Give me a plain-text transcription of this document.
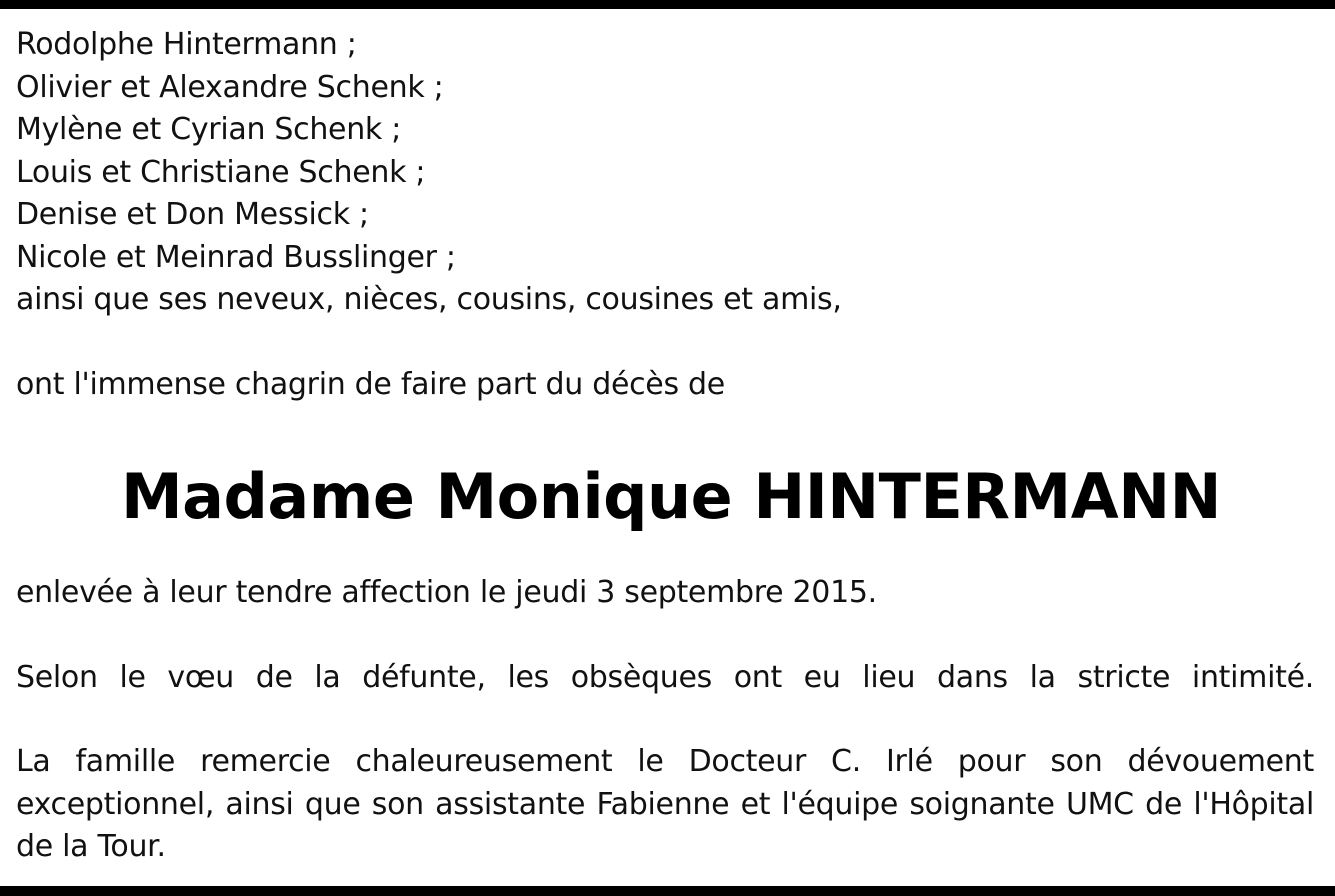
Rodolphe Hintermann ;
Olivier et Alexandre Schenk ;
Mylène et Cyrian Schenk ;
Louis et Christiane Schenk ;
Denise et Don Messick ;
Nicole et Meinrad Busslinger ;
ainsi que ses neveux, nièces, cousins, cousines et amis,
ont l'immense chagrin de faire part du décès de
Madame Monique HINTERMANN
enlevée à leur tendre affection le jeudi 3 septembre 2015.
Selon le vœu de la défunte, les obsèques ont eu lieu dans la stricte intimité.
La famille remercie chaleureusement le Docteur C. Irlé pour son dévouement exceptionnel, ainsi que son assistante Fabienne et l'équipe soignante UMC de l'Hôpital de la Tour.
